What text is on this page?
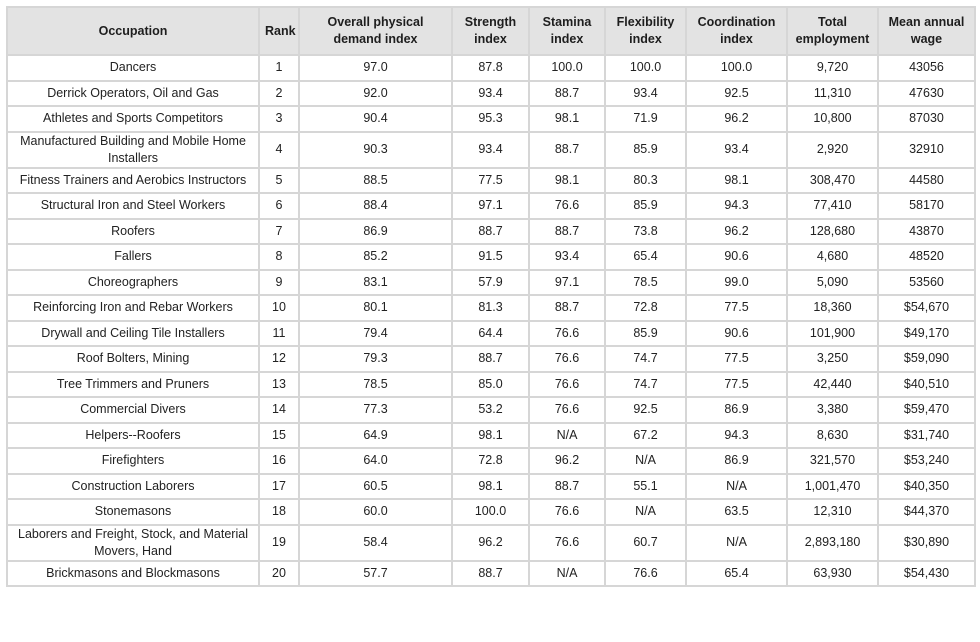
Occupation	Rank	Overall physical demand index	Strength index	Stamina index	Flexibility index	Coordination index	Total employment	Mean annual wage
Dancers	1	97.0	87.8	100.0	100.0	100.0	9,720	43056
Derrick Operators, Oil and Gas	2	92.0	93.4	88.7	93.4	92.5	11,310	47630
Athletes and Sports Competitors	3	90.4	95.3	98.1	71.9	96.2	10,800	87030
Manufactured Building and Mobile Home Installers	4	90.3	93.4	88.7	85.9	93.4	2,920	32910
Fitness Trainers and Aerobics Instructors	5	88.5	77.5	98.1	80.3	98.1	308,470	44580
Structural Iron and Steel Workers	6	88.4	97.1	76.6	85.9	94.3	77,410	58170
Roofers	7	86.9	88.7	88.7	73.8	96.2	128,680	43870
Fallers	8	85.2	91.5	93.4	65.4	90.6	4,680	48520
Choreographers	9	83.1	57.9	97.1	78.5	99.0	5,090	53560
Reinforcing Iron and Rebar Workers	10	80.1	81.3	88.7	72.8	77.5	18,360	$54,670
Drywall and Ceiling Tile Installers	11	79.4	64.4	76.6	85.9	90.6	101,900	$49,170
Roof Bolters, Mining	12	79.3	88.7	76.6	74.7	77.5	3,250	$59,090
Tree Trimmers and Pruners	13	78.5	85.0	76.6	74.7	77.5	42,440	$40,510
Commercial Divers	14	77.3	53.2	76.6	92.5	86.9	3,380	$59,470
Helpers--Roofers	15	64.9	98.1	N/A	67.2	94.3	8,630	$31,740
Firefighters	16	64.0	72.8	96.2	N/A	86.9	321,570	$53,240
Construction Laborers	17	60.5	98.1	88.7	55.1	N/A	1,001,470	$40,350
Stonemasons	18	60.0	100.0	76.6	N/A	63.5	12,310	$44,370
Laborers and Freight, Stock, and Material Movers, Hand	19	58.4	96.2	76.6	60.7	N/A	2,893,180	$30,890
Brickmasons and Blockmasons	20	57.7	88.7	N/A	76.6	65.4	63,930	$54,430
